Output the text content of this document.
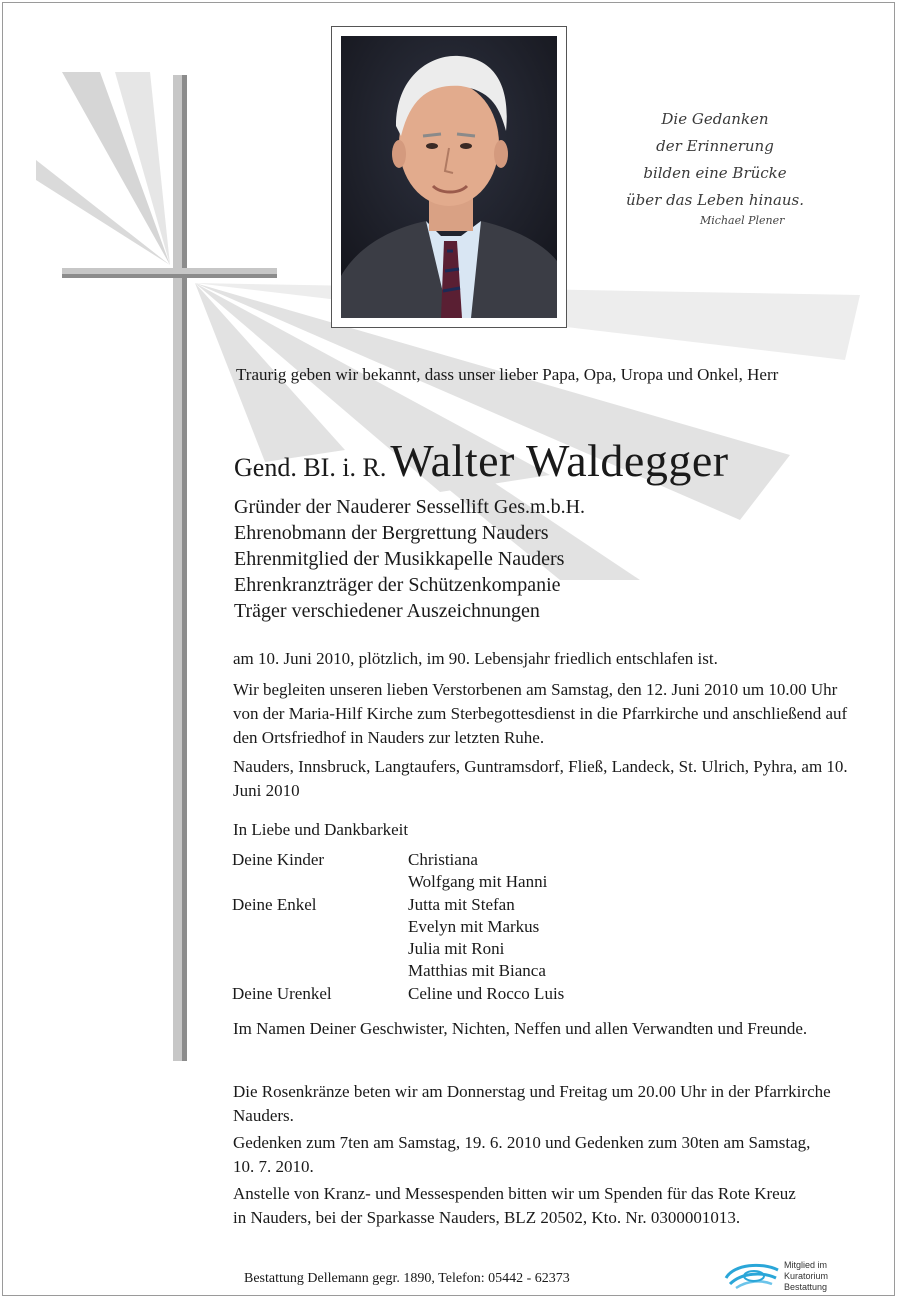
Die Gedanken
der Erinnerung
bilden eine Brücke
über das Leben hinaus.
Michael Plener
Traurig geben wir bekannt, dass unser lieber Papa, Opa, Uropa und Onkel, Herr
Gend. BI. i. R. Walter Waldegger
Gründer der Nauderer Sessellift Ges.m.b.H.
Ehrenobmann der Bergrettung Nauders
Ehrenmitglied der Musikkapelle Nauders
Ehrenkranzträger der Schützenkompanie
Träger verschiedener Auszeichnungen
am 10. Juni 2010, plötzlich, im 90. Lebensjahr friedlich entschlafen ist.
Wir begleiten unseren lieben Verstorbenen am Samstag, den 12. Juni 2010 um 10.00 Uhr von der Maria-Hilf Kirche zum Sterbegottesdienst in die Pfarrkirche und anschließend auf den Ortsfriedhof in Nauders zur letzten Ruhe.
Nauders, Innsbruck, Langtaufers, Guntramsdorf, Fließ, Landeck, St. Ulrich, Pyhra, am 10. Juni 2010
In Liebe und Dankbarkeit
Deine Kinder	Christiana
Wolfgang mit Hanni
Deine Enkel	Jutta mit Stefan
Evelyn mit Markus
Julia mit Roni
Matthias mit Bianca
Deine Urenkel	Celine und Rocco Luis
Im Namen Deiner Geschwister, Nichten, Neffen und allen Verwandten und Freunde.
Die Rosenkränze beten wir am Donnerstag und Freitag um 20.00 Uhr in der Pfarrkirche Nauders.
Gedenken zum 7ten am Samstag, 19. 6. 2010 und Gedenken zum 30ten am Samstag, 10. 7. 2010.
Anstelle von Kranz- und Messespenden bitten wir um Spenden für das Rote Kreuz in Nauders, bei der Sparkasse Nauders, BLZ 20502, Kto. Nr. 0300001013.
Bestattung Dellemann gegr. 1890, Telefon: 05442 - 62373
Mitglied im
Kuratorium Bestattung
